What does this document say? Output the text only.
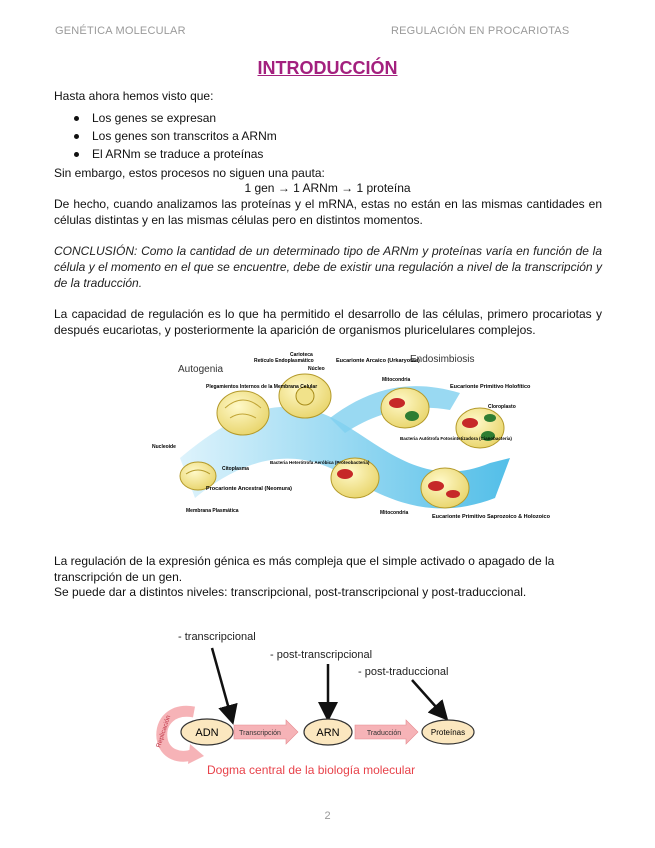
GENÉTICA MOLECULAR	REGULACIÓN EN PROCARIOTAS
INTRODUCCIÓN
Hasta ahora hemos visto que:
Los genes se expresan
Los genes son transcritos a ARNm
El ARNm se traduce a proteínas
Sin embargo, estos procesos no siguen una pauta:
1 gen → 1 ARNm → 1 proteína
De hecho, cuando analizamos las proteínas y el mRNA, estas no están en las mismas cantidades en células distintas y en las mismas células pero en distintos momentos.
CONCLUSIÓN: Como la cantidad de un determinado tipo de ARNm y proteínas varía en función de la célula y el momento en el que se encuentre, debe de existir una regulación a nivel de la transcripción y de la traducción.
La capacidad de regulación es lo que ha permitido el desarrollo de las células, primero procariotas y después eucariotas, y posteriormente la aparición de organismos pluricelulares complejos.
Autogenia
Endosimbiosis
Retículo Endoplasmático
Carioteca
Núcleo
Eucarionte Arcaico (Urkaryotae)
Plegamientos Internos de la Membrana Celular
Mitocondria
Eucarionte Primitivo Holofítico
Cloroplasto
Nucleoide
Citoplasma
Bacteria Autótrofa Fotosintetizadora (Cianobacteria)
Bacteria Heterótrofa Aeróbica (Proteobacteria)
Procarionte Ancestral (Neomura)
Membrana Plasmática	Mitocondria
Eucarionte Primitivo Saprozoico & Holozoico
La regulación de la expresión génica es más compleja que el simple activado o apagado de la transcripción de un gen.
Se puede dar a distintos niveles: transcripcional, post-transcripcional y post-traduccional.
- transcripcional
- post-transcripcional
- post-traduccional
Replicación ADN	Transcripción	ARN	Traducción	Proteínas
Dogma central de la biología molecular
2
